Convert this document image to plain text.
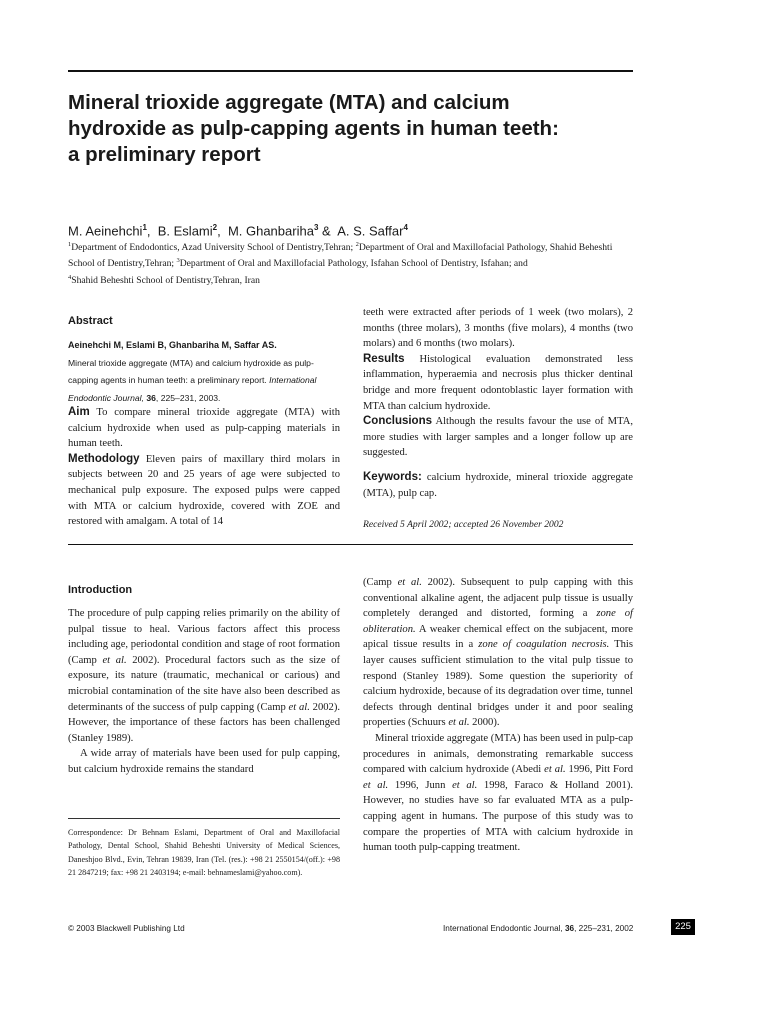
Mineral trioxide aggregate (MTA) and calcium
hydroxide as pulp-capping agents in human teeth:
a preliminary report
M. Aeinehchi$^1$,  B. Eslami$^2$,  M. Ghanbariha$^3$ &  A. S. Saffar$^4$
$^1$Department of Endodontics, Azad University School of Dentistry,Tehran; $^2$Department of Oral and Maxillofacial Pathology, Shahid Beheshti School of Dentistry,Tehran; $^3$Department of Oral and Maxillofacial Pathology, Isfahan School of Dentistry, Isfahan; and
$^4$Shahid Beheshti School of Dentistry,Tehran, Iran
Abstract
Aeinehchi M, Eslami B, Ghanbariha M, Saffar AS.
Mineral trioxide aggregate (MTA) and calcium hydroxide as pulp-capping agents in human teeth: a preliminary report. International Endodontic Journal, 36, 225–231, 2003.

Aim To compare mineral trioxide aggregate (MTA) with calcium hydroxide when used as pulp-capping materials in human teeth.

Methodology Eleven pairs of maxillary third molars in subjects between 20 and 25 years of age were subjected to mechanical pulp exposure. The exposed pulps were capped with MTA or calcium hydroxide, covered with ZOE and restored with amalgam. A total of 14

teeth were extracted after periods of 1 week (two molars), 2 months (three molars), 3 months (five molars), 4 months (two molars) and 6 months (two molars).

Results Histological evaluation demonstrated less inflammation, hyperaemia and necrosis plus thicker dentinal bridge and more frequent odontoblastic layer formation with MTA than calcium hydroxide.

Conclusions Although the results favour the use of MTA, more studies with larger samples and a longer follow up are suggested.

Keywords: calcium hydroxide, mineral trioxide aggregate (MTA), pulp cap.

Received 5 April 2002; accepted 26 November 2002
Introduction

The procedure of pulp capping relies primarily on the ability of pulpal tissue to heal. Various factors affect this process including age, periodontal condition and stage of root formation (Camp et al. 2002). Procedural factors such as the size of exposure, its nature (traumatic, mechanical or carious) and microbial contamination of the site have also been described as determinants of the success of pulp capping (Camp et al. 2002). However, the importance of these factors has been challenged (Stanley 1989).

A wide array of materials have been used for pulp capping, but calcium hydroxide remains the standard

(Camp et al. 2002). Subsequent to pulp capping with this conventional alkaline agent, the adjacent pulp tissue is usually completely deranged and distorted, forming a zone of obliteration. A weaker chemical effect on the subjacent, more apical tissue results in a zone of coagulation necrosis. This layer causes sufficient stimulation to the vital pulp tissue to respond (Stanley 1989). Some question the superiority of calcium hydroxide, because of its degradation over time, tunnel defects through dentinal bridges under it and poor sealing properties (Schuurs et al. 2000).

Mineral trioxide aggregate (MTA) has been used in pulp-cap procedures in animals, demonstrating remarkable success compared with calcium hydroxide (Abedi et al. 1996, Pitt Ford et al. 1996, Junn et al. 1998, Faraco & Holland 2001). However, no studies have so far evaluated MTA as a pulp-capping agent in humans. The purpose of this study was to compare the properties of MTA with calcium hydroxide in human tooth pulp-capping treatment.

Correspondence: Dr Behnam Eslami, Department of Oral and Maxillofacial Pathology, Dental School, Shahid Beheshti University of Medical Sciences, Daneshjoo Blvd., Evin, Tehran 19839, Iran (Tel. (res.): +98 21 2550154/(off.): +98 21 2847219; fax: +98 21 2403194; e-mail: behnameslami@yahoo.com).
© 2003 Blackwell Publishing Ltd	International Endodontic Journal, 36, 225–231, 2002	225
